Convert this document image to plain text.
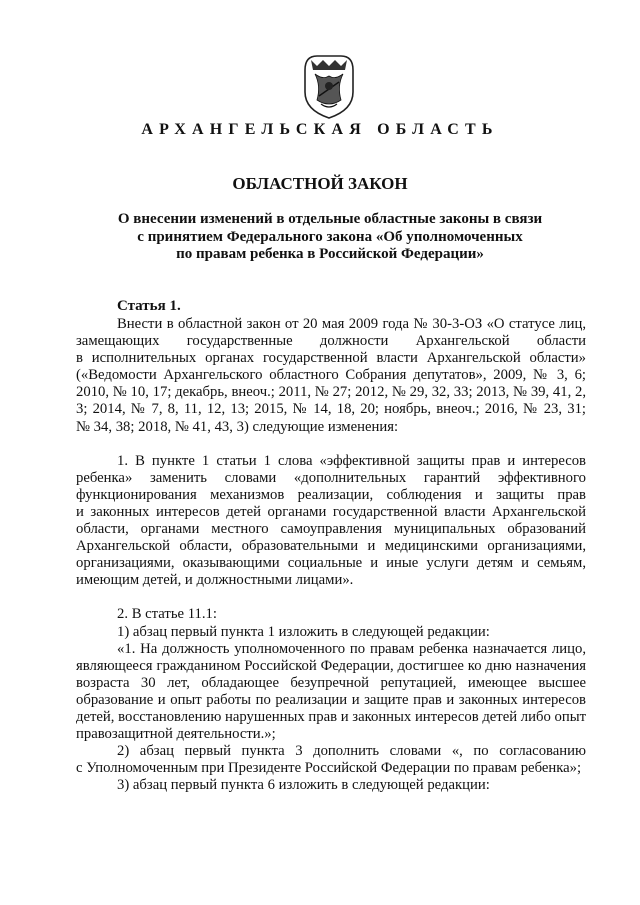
АРХАНГЕЛЬСКАЯ ОБЛАСТЬ
ОБЛАСТНОЙ ЗАКОН
О внесении изменений в отдельные областные законы в связи
с принятием Федерального закона «Об уполномоченных
по правам ребенка в Российской Федерации»
Статья 1.
Внести в областной закон от 20 мая 2009 года № 30-3-ОЗ «О статусе лиц,
замещающих государственные должности Архангельской области
в исполнительных органах государственной власти Архангельской области»
(«Ведомости Архангельского областного Собрания депутатов», 2009, № 3, 6;
2010, № 10, 17; декабрь, внеоч.; 2011, № 27; 2012, № 29, 32, 33; 2013, № 39, 41, 2,
3; 2014, № 7, 8, 11, 12, 13; 2015, № 14, 18, 20; ноябрь, внеоч.; 2016, № 23, 31;
№ 34, 38; 2018, № 41, 43, 3) следующие изменения:
1. В пункте 1 статьи 1 слова «эффективной защиты прав и интересов
ребенка» заменить словами «дополнительных гарантий эффективного
функционирования механизмов реализации, соблюдения и защиты прав
и законных интересов детей органами государственной власти Архангельской
области, органами местного самоуправления муниципальных образований
Архангельской области, образовательными и медицинскими организациями,
организациями, оказывающими социальные и иные услуги детям и семьям,
имеющим детей, и должностными лицами».
2. В статье 11.1:
1) абзац первый пункта 1 изложить в следующей редакции:
«1. На должность уполномоченного по правам ребенка назначается лицо,
являющееся гражданином Российской Федерации, достигшее ко дню назначения
возраста 30 лет, обладающее безупречной репутацией, имеющее высшее
образование и опыт работы по реализации и защите прав и законных интересов
детей, восстановлению нарушенных прав и законных интересов детей либо опыт
правозащитной деятельности.»;
2) абзац первый пункта 3 дополнить словами «, по согласованию
с Уполномоченным при Президенте Российской Федерации по правам ребенка»;
3) абзац первый пункта 6 изложить в следующей редакции:
